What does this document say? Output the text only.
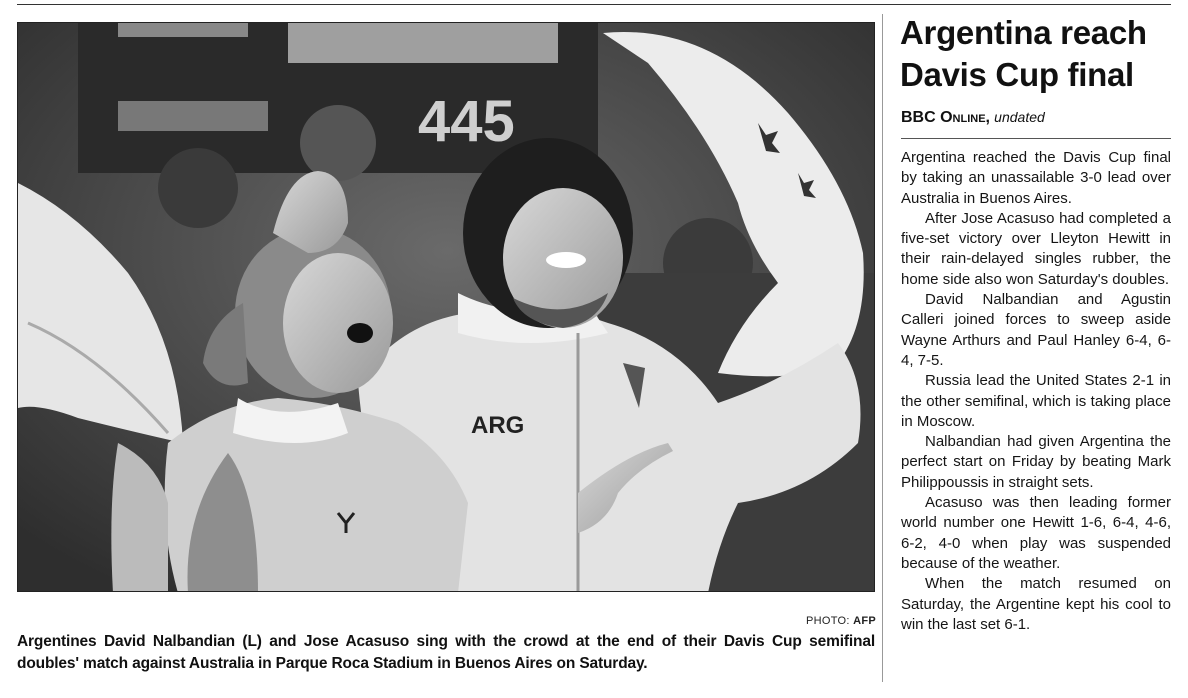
445
ARG
PHOTO: AFP
Argentines David Nalbandian (L) and Jose Acasuso sing with the crowd at the end of their Davis Cup semifinal doubles' match against Australia in Parque Roca Stadium in Buenos Aires on Saturday.
Argentina reach Davis Cup final
BBC Online, undated

Argentina reached the Davis Cup final by taking an unassailable 3-0 lead over Australia in Buenos Aires.

After Jose Acasuso had completed a five-set victory over Lleyton Hewitt in their rain-delayed singles rubber, the home side also won Saturday's doubles.

David Nalbandian and Agustin Calleri joined forces to sweep aside Wayne Arthurs and Paul Hanley 6-4, 6-4, 7-5.

Russia lead the United States 2-1 in the other semifinal, which is taking place in Moscow.

Nalbandian had given Argentina the perfect start on Friday by beating Mark Philippoussis in straight sets.

Acasuso was then leading former world number one Hewitt 1-6, 6-4, 4-6, 6-2, 4-0 when play was suspended because of the weather.

When the match resumed on Saturday, the Argentine kept his cool to win the last set 6-1.
